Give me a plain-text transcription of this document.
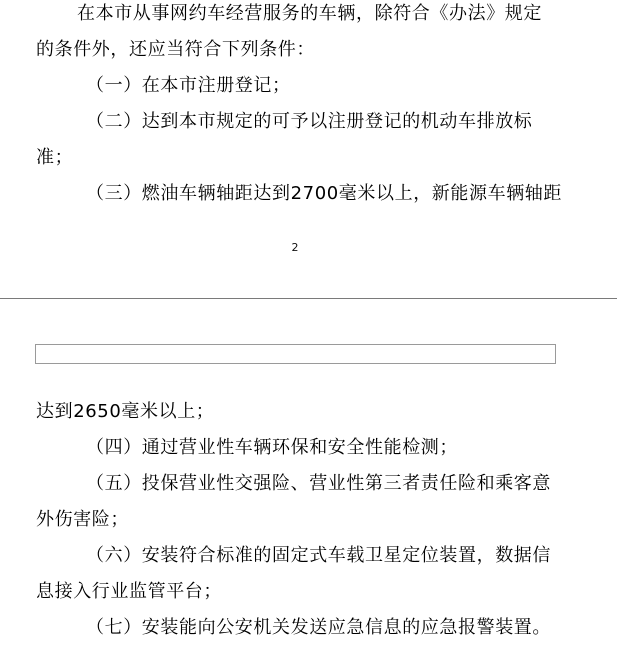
在本市从事网约车经营服务的车辆，除符合《办法》规定
的条件外，还应当符合下列条件：
（一）在本市注册登记；
（二）达到本市规定的可予以注册登记的机动车排放标
准；
（三）燃油车辆轴距达到2700毫米以上，新能源车辆轴距
2
达到2650毫米以上；
（四）通过营业性车辆环保和安全性能检测；
（五）投保营业性交强险、营业性第三者责任险和乘客意
外伤害险；
（六）安装符合标准的固定式车载卫星定位装置，数据信
息接入行业监管平台；
（七）安装能向公安机关发送应急信息的应急报警装置。
